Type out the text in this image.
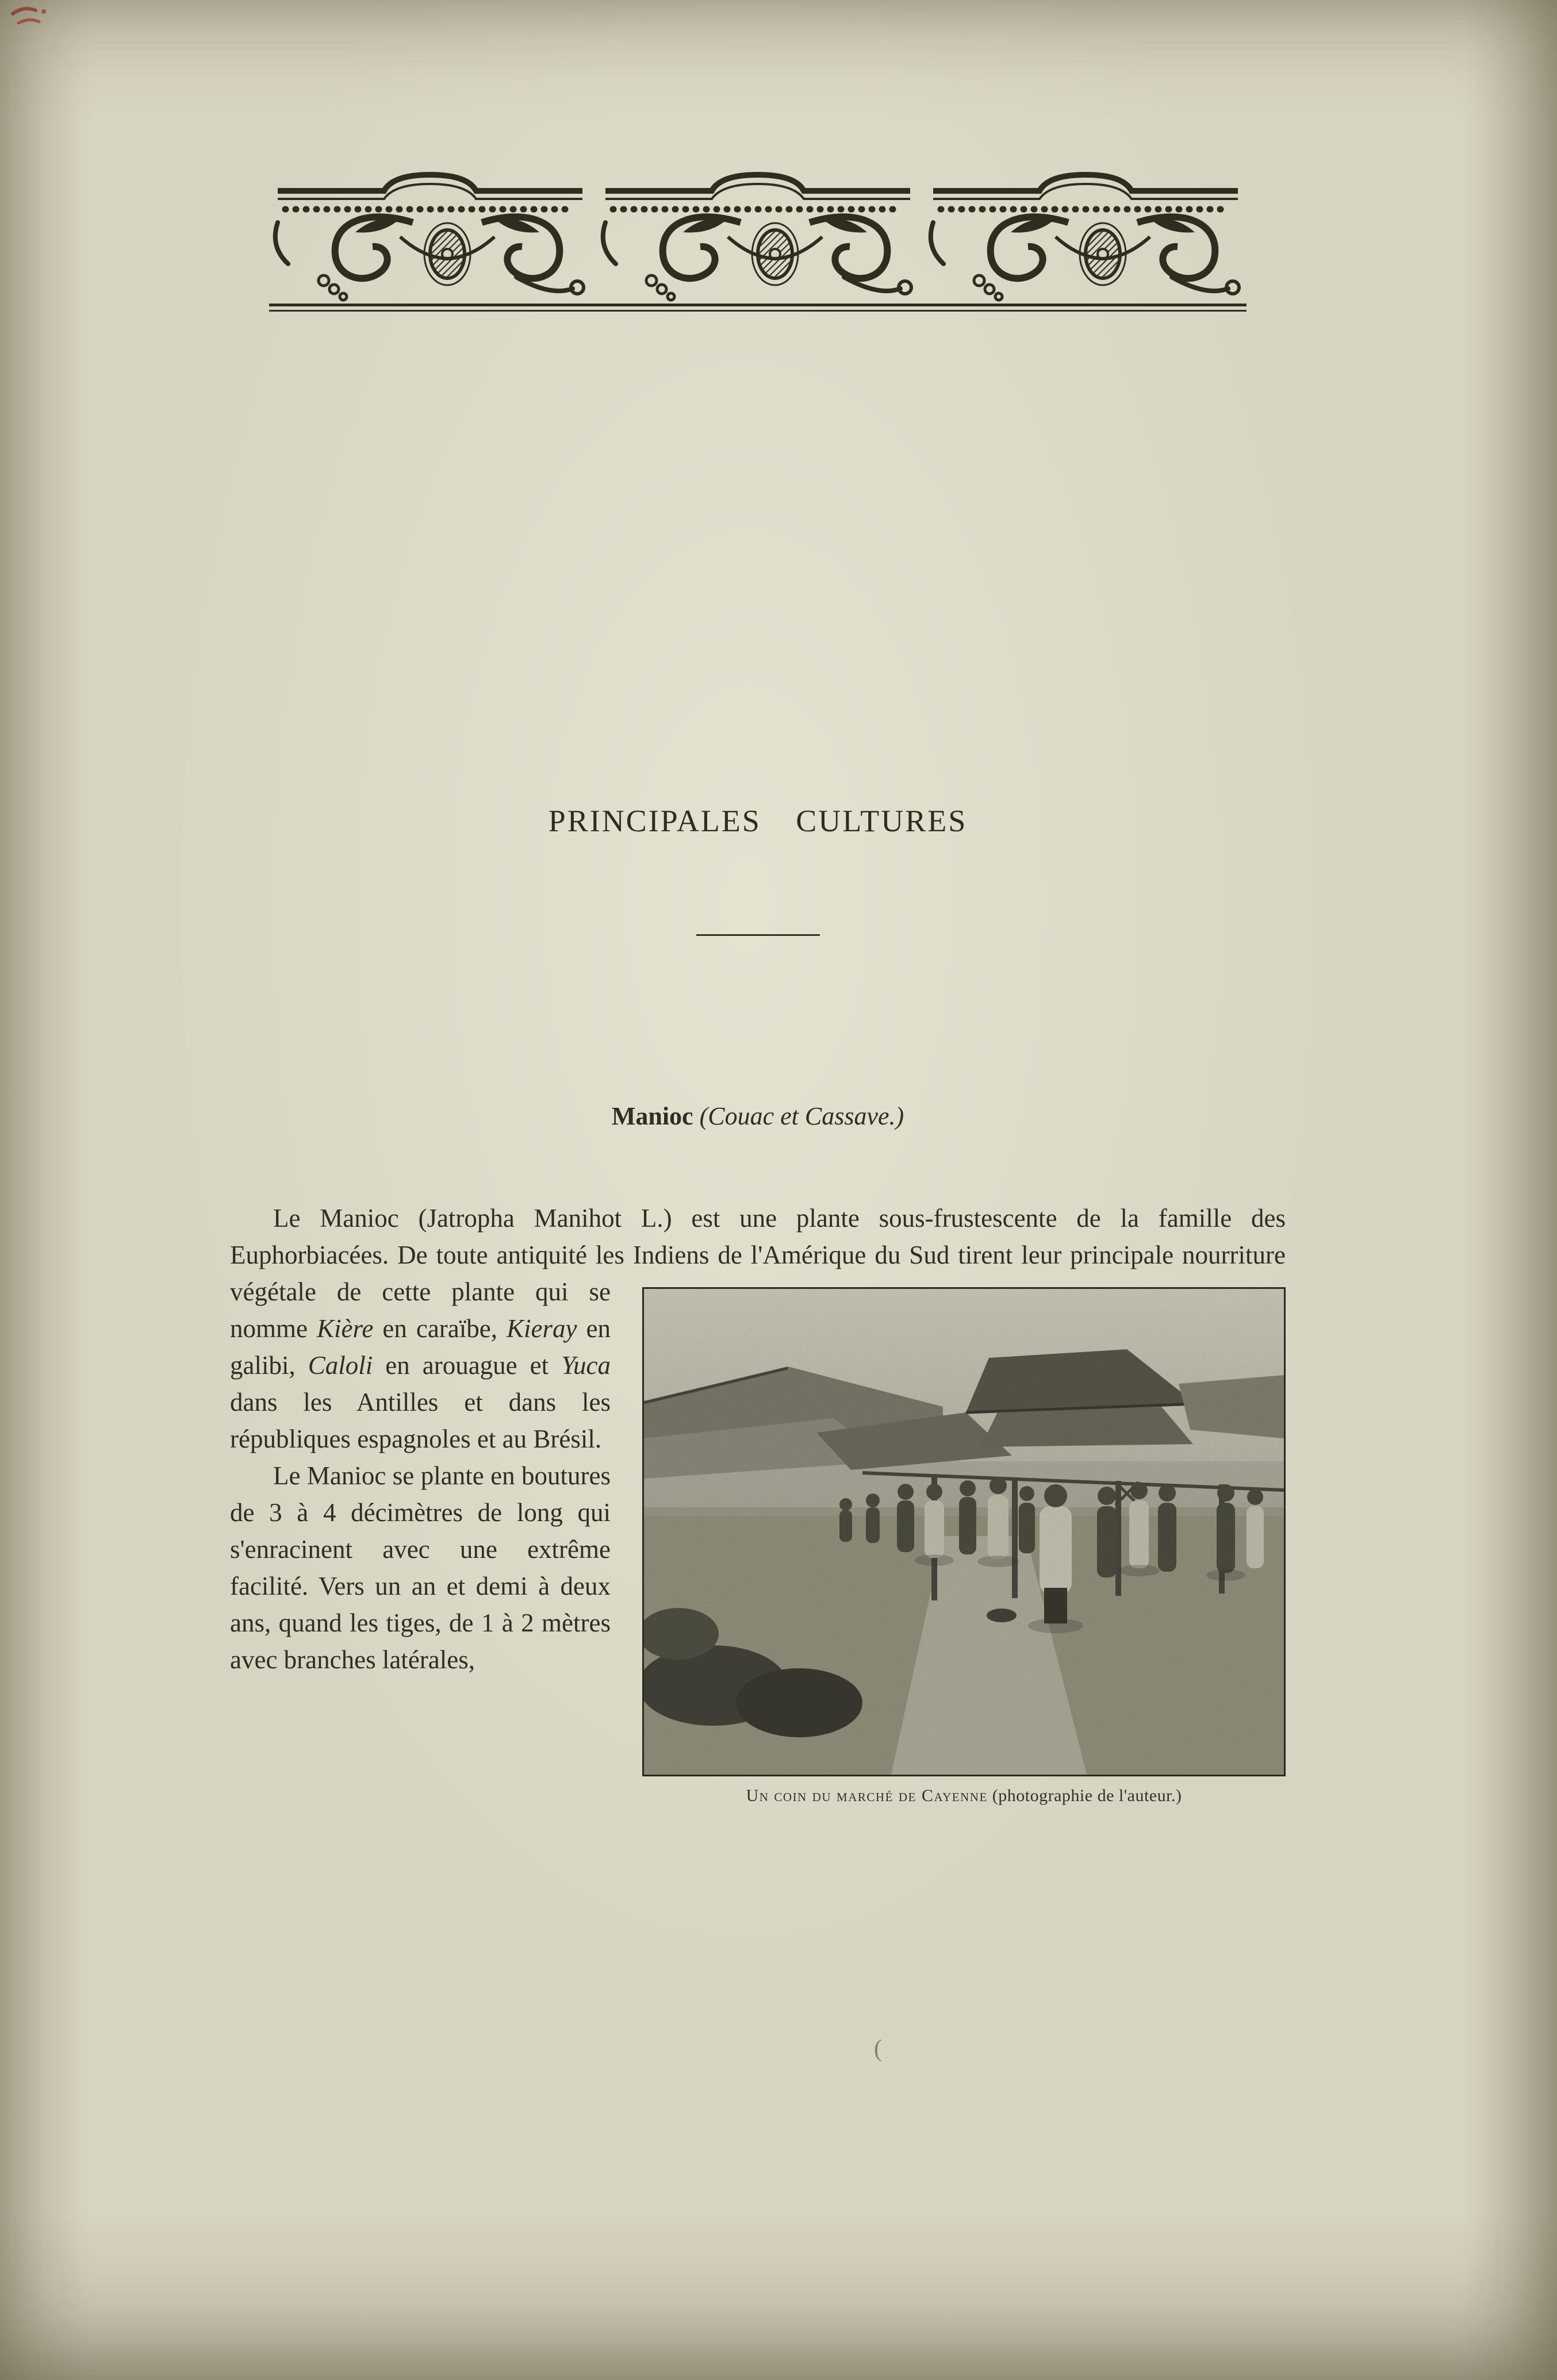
PRINCIPALES CULTURES
Manioc (Couac et Cassave.)

Le Manioc (Jatropha Manihot L.) est une plante sous-frustescente de la famille des Euphorbiacées. De toute antiquité les Indiens de
Un coin du marché de Cayenne (photographie de l'auteur.)
l'Amérique du Sud tirent leur principale nourriture végétale de cette plante qui se nomme Kière en caraïbe, Kieray en galibi, Caloli en arouague et Yuca dans les Antilles et dans les républiques espagnoles et au Brésil.

Le Manioc se plante en boutures de 3 à 4 décimètres de long qui s'enracinent avec une extrême facilité. Vers un an et demi à deux ans, quand les tiges, de 1 à 2 mètres avec branches latérales,

(
